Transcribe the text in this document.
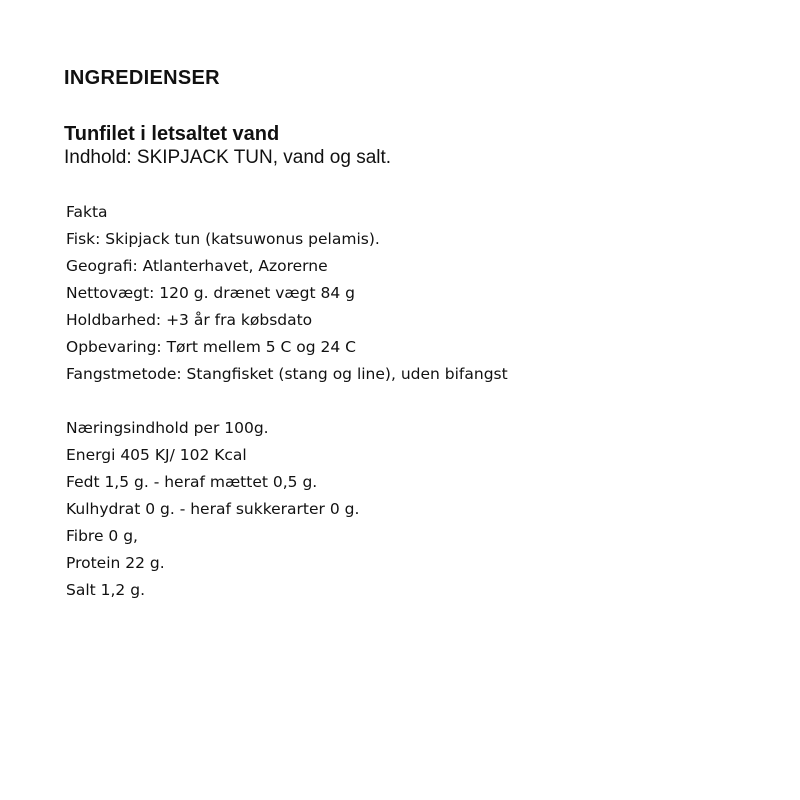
INGREDIENSER
Tunfilet i letsaltet vand
Indhold: SKIPJACK TUN, vand og salt.
Fakta
Fisk: Skipjack tun (katsuwonus pelamis).
Geografi: Atlanterhavet, Azorerne
Nettovægt: 120 g. drænet vægt 84 g
Holdbarhed: +3 år fra købsdato
Opbevaring: Tørt mellem 5 C og 24 C
Fangstmetode: Stangfisket (stang og line), uden bifangst
Næringsindhold per 100g.
Energi 405 KJ/ 102 Kcal
Fedt 1,5 g. - heraf mættet 0,5 g.
Kulhydrat 0 g. - heraf sukkerarter 0 g.
Fibre 0 g,
Protein 22 g.
Salt 1,2 g.
